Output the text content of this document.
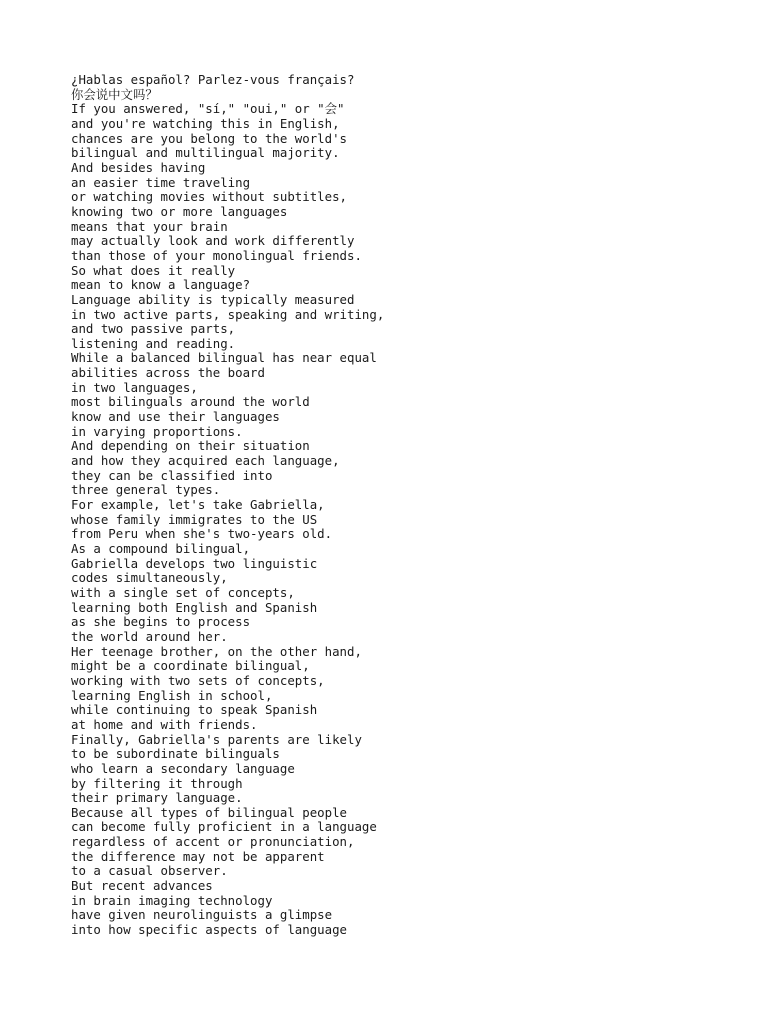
¿Hablas español? Parlez-vous français?
你会说中文吗？
If you answered, "sí," "oui," or "会"
and you're watching this in English,
chances are you belong to the world's
bilingual and multilingual majority.
And besides having
an easier time traveling
or watching movies without subtitles,
knowing two or more languages
means that your brain
may actually look and work differently
than those of your monolingual friends.
So what does it really
mean to know a language?
Language ability is typically measured
in two active parts, speaking and writing,
and two passive parts,
listening and reading.
While a balanced bilingual has near equal
abilities across the board
in two languages,
most bilinguals around the world
know and use their languages
in varying proportions.
And depending on their situation
and how they acquired each language,
they can be classified into
three general types.
For example, let's take Gabriella,
whose family immigrates to the US
from Peru when she's two-years old.
As a compound bilingual,
Gabriella develops two linguistic
codes simultaneously,
with a single set of concepts,
learning both English and Spanish
as she begins to process
the world around her.
Her teenage brother, on the other hand,
might be a coordinate bilingual,
working with two sets of concepts,
learning English in school,
while continuing to speak Spanish
at home and with friends.
Finally, Gabriella's parents are likely
to be subordinate bilinguals
who learn a secondary language
by filtering it through
their primary language.
Because all types of bilingual people
can become fully proficient in a language
regardless of accent or pronunciation,
the difference may not be apparent
to a casual observer.
But recent advances
in brain imaging technology
have given neurolinguists a glimpse
into how specific aspects of language
